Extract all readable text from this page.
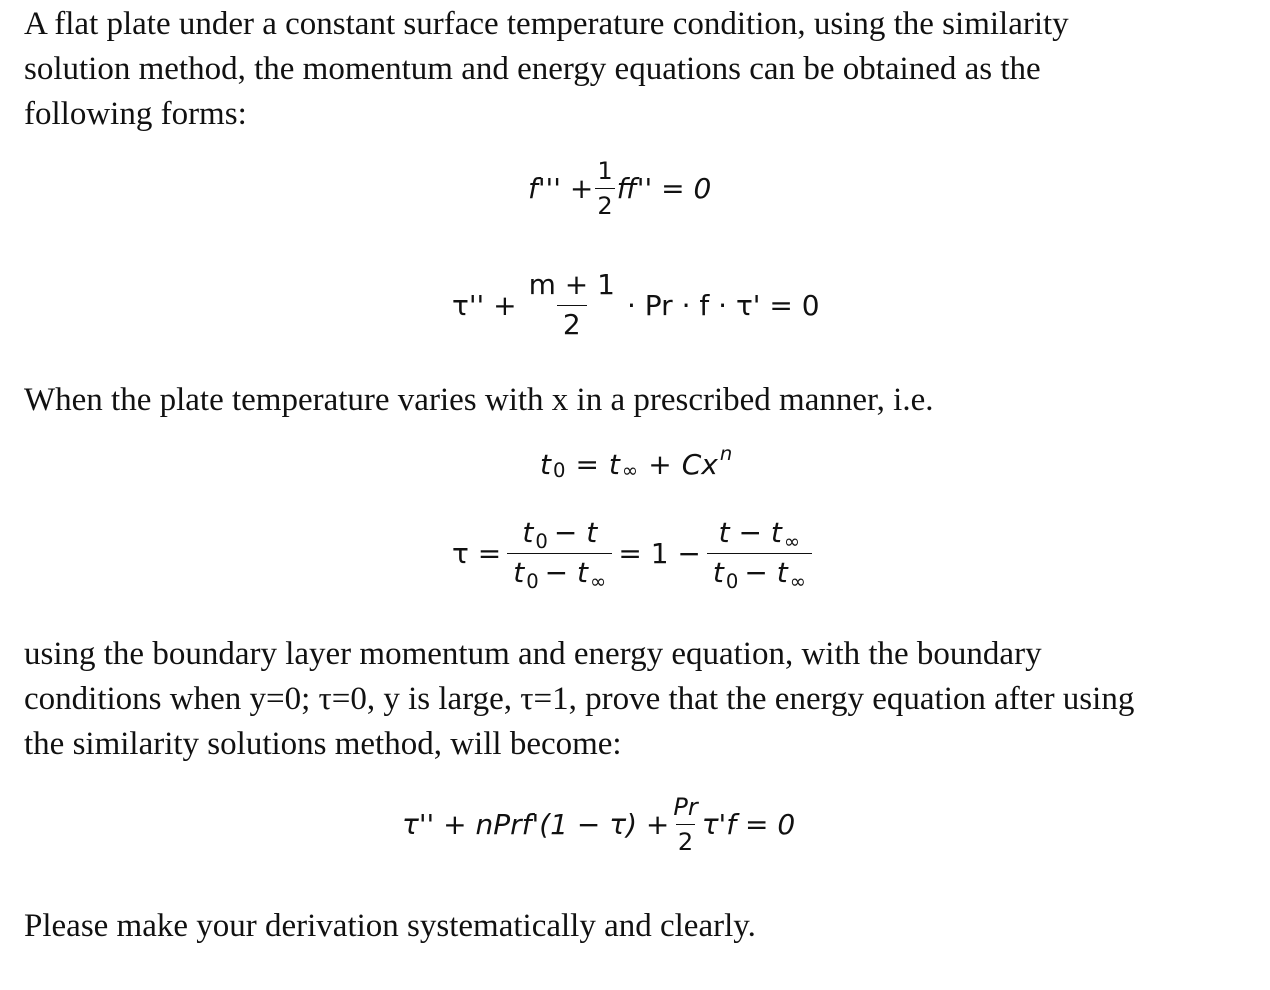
A flat plate under a constant surface temperature condition, using the similarity
solution method, the momentum and energy equations can be obtained as the
following forms:
$f''' + \frac{1}{2} ff'' = 0$
$\tau'' + \frac{m + 1}{2} \cdot Pr \cdot f \cdot \tau' = 0$
When the plate temperature varies with x in a prescribed manner, i.e.
t 0 = t ∞ + Cx n
$\tau = \frac{t _0 - t}{t _0 - t _\infty} = 1 - \frac{t - t _\infty}{t _0 - t _\infty}$
using the boundary layer momentum and energy equation, with the boundary
conditions when y=0; τ=0, y is large, τ=1, prove that the energy equation after using
the similarity solutions method, will become:
τ'' + nPrf'(1 − $\tau) + \frac{Pr}{2} \tau'f = 0$
Please make your derivation systematically and clearly.
